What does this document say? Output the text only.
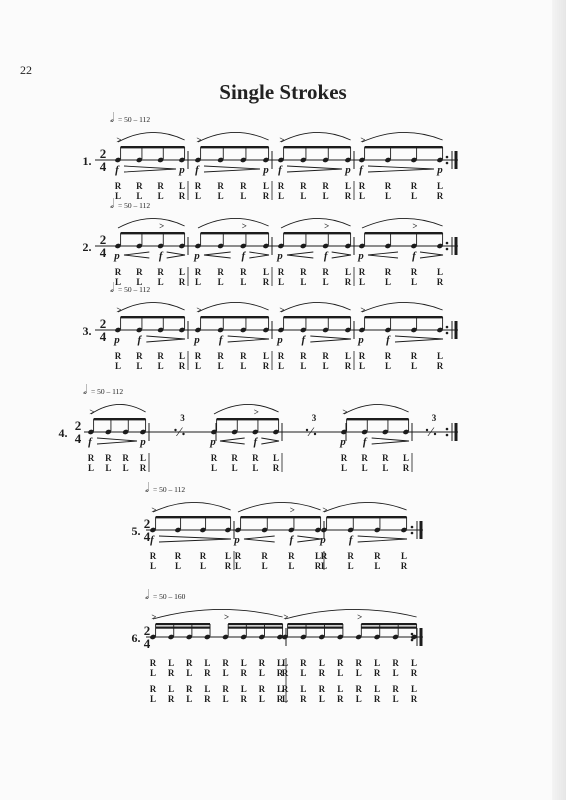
22
Single Strokes
1. 2
4
𝅗𝅥 = 50 – 112
>
f	p
R R R L
L L L R
>
f	p
R R R L
L L L R
>
f	p
R R R L
L L L R
>
f	p
R R R L
L L L R
2. 2
4
𝅗𝅥 = 50 – 112
>
p	f
R R R L
L L L R
>
p	f
R R R L
L L L R
>
p	f
R R R L
L L L R
>
p	f
R R R L
L L L R
3. 2
4
𝅗𝅥 = 50 – 112
>
p f
R R R L
L L L R
>
p f
R R R L
L L L R
>
p f
R R R L
L L L R
>
p f
R R R L
L L L R
4. 2
4
𝅗𝅥 = 50 – 112
>
f	p
R R R L
L L L R
∕
3
>
p	f
R R R L
L L L R
∕
3
>
p f
R R R L
L L L R
∕
3
5. 2
4
𝅗𝅥 = 50 – 112
>
f
R R R L
L L L R
>
p	f
R R R L
L L L R
>
p f
R R R L
L L L R
6. 2
4
𝅗𝅥 = 50 – 160
>	>
R L R L R L R L
L R L R L R L R
R L R L R L R L
L R L R L R L R
>	>
L R L R R L R L
R L R L L R L R
R L R L R L R L
L R L R L R L R
